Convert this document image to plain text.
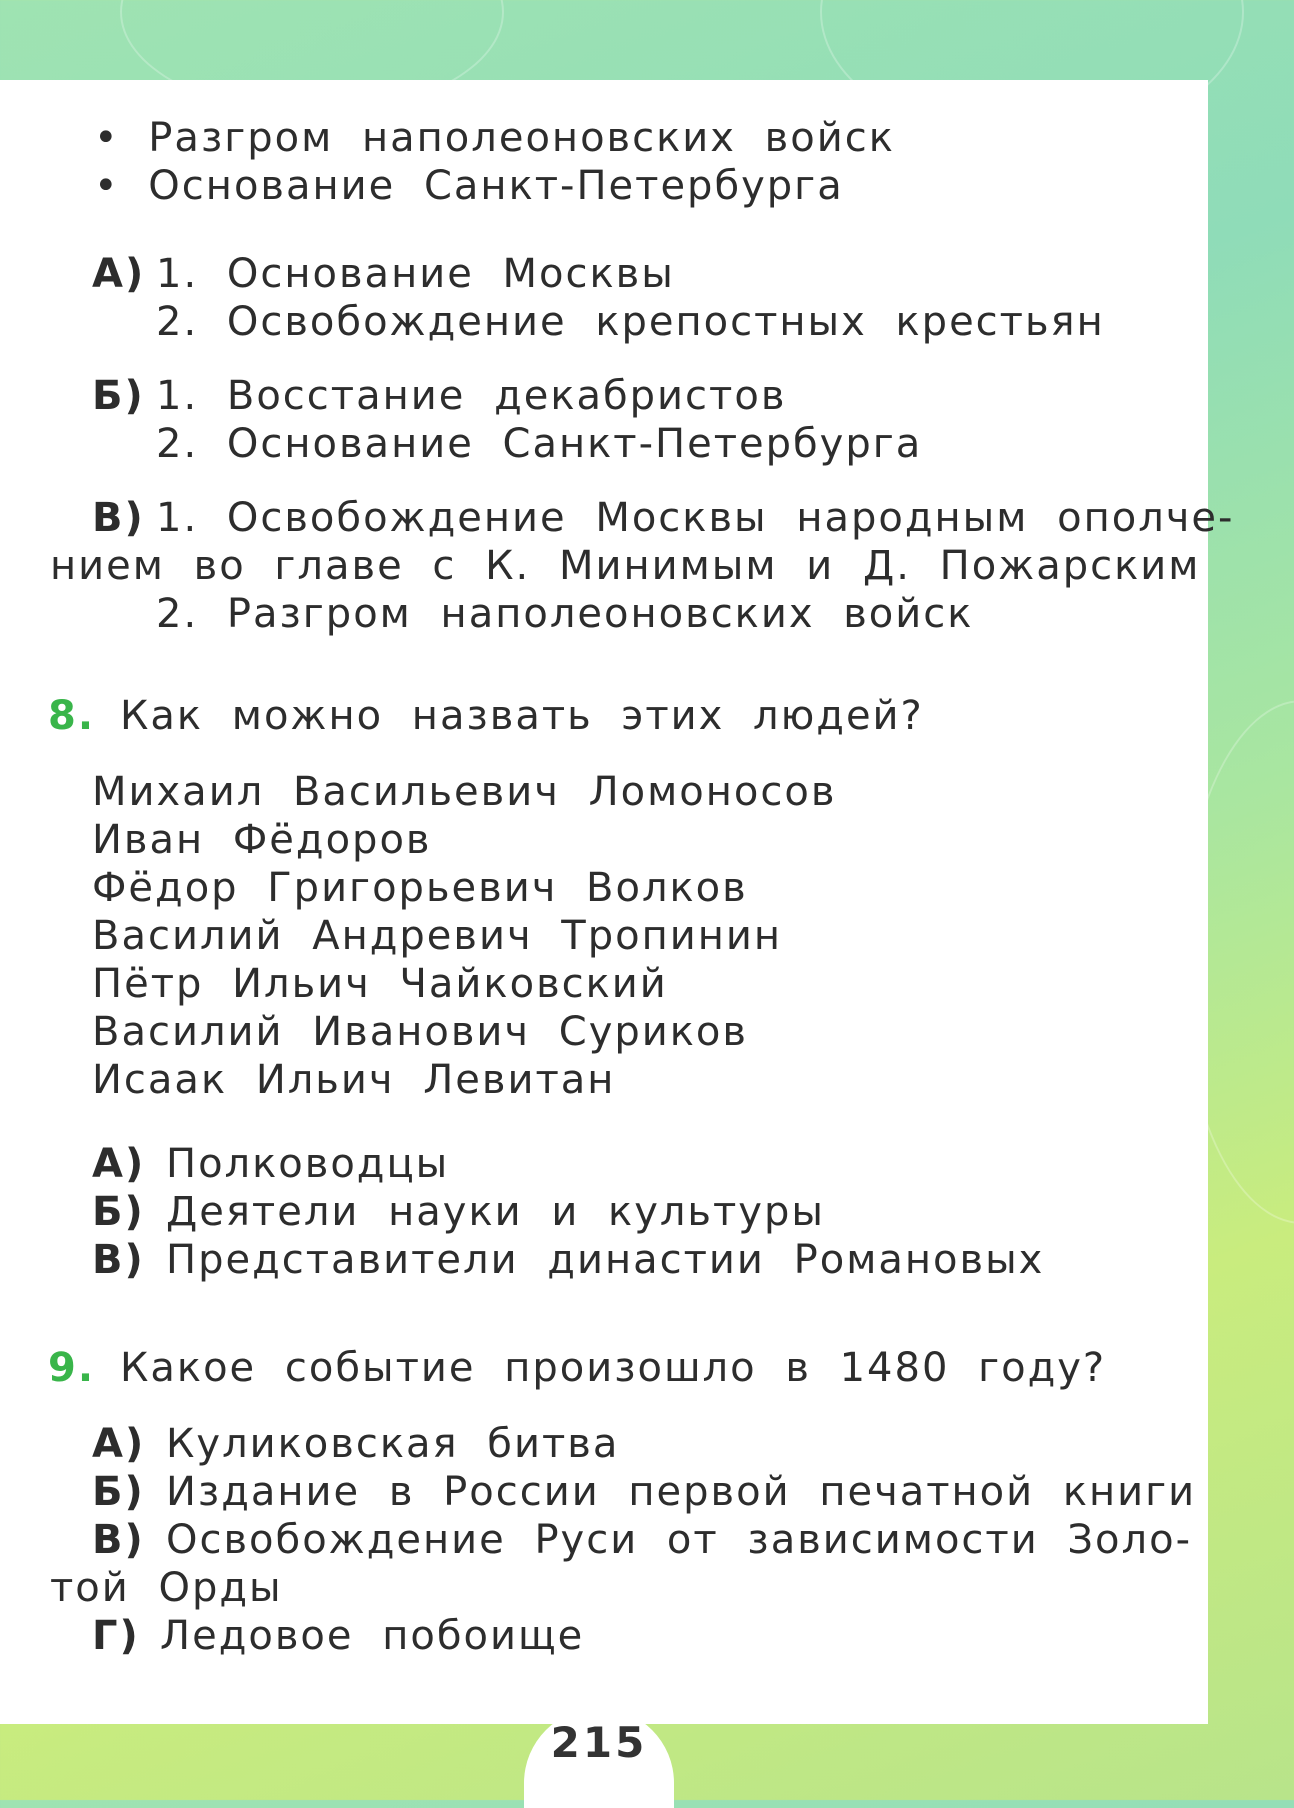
• Разгром наполеоновских войск
• Основание Санкт-Петербурга
А) 1. Основание Москвы
2. Освобождение крепостных крестьян
Б) 1. Восстание декабристов
2. Основание Санкт-Петербурга
В) 1. Освобождение Москвы народным ополче-
нием во главе с К. Минимым и Д. Пожарским
2. Разгром наполеоновских войск
8. Как можно назвать этих людей?
Михаил Васильевич Ломоносов
Иван Фёдоров
Фёдор Григорьевич Волков
Василий Андревич Тропинин
Пётр Ильич Чайковский
Василий Иванович Суриков
Исаак Ильич Левитан
А) Полководцы
Б) Деятели науки и культуры
В) Представители династии Романовых
9. Какое событие произошло в 1480 году?
А) Куликовская битва
Б) Издание в России первой печатной книги
В) Освобождение Руси от зависимости Золо-
той Орды
Г) Ледовое побоище
215
